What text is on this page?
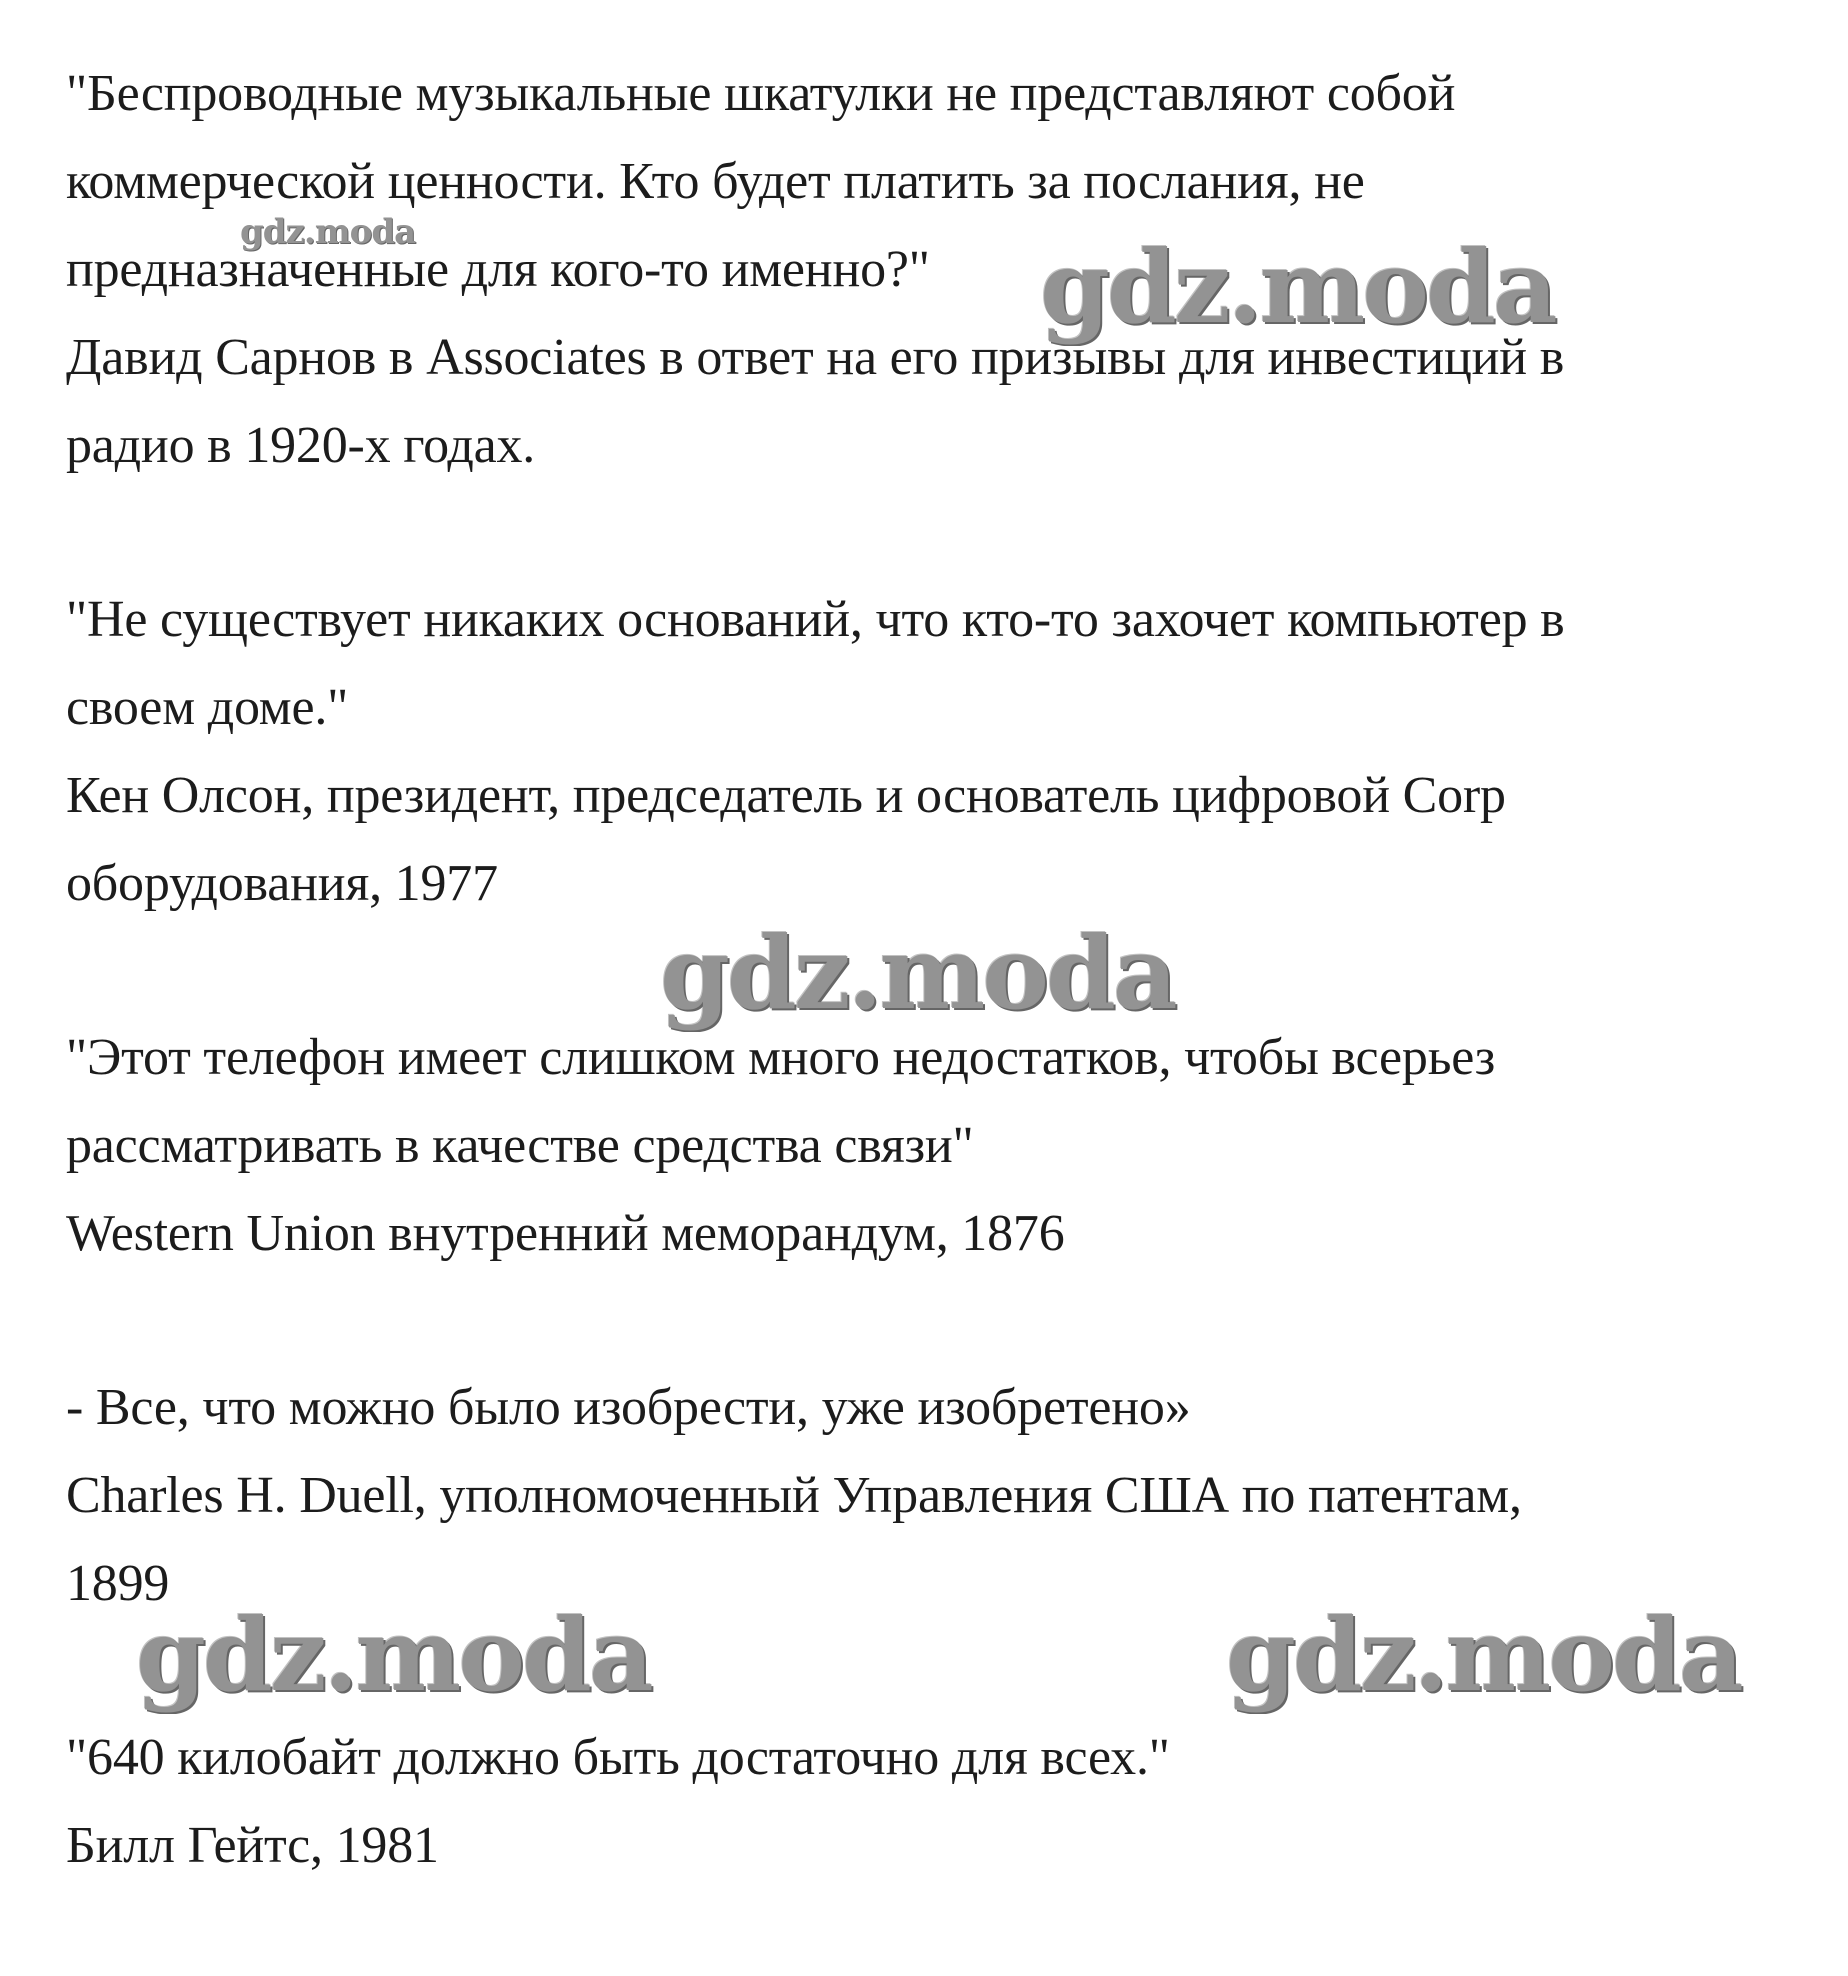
"Беспроводные музыкальные шкатулки не представляют собой
коммерческой ценности. Кто будет платить за послания, не
предназначенные для кого-то именно?"
Давид Сарнов в Associates в ответ на его призывы для инвестиций в
радио в 1920-х годах.
"Не существует никаких оснований, что кто-то захочет компьютер в
своем доме."
Кен Олсон, президент, председатель и основатель цифровой Corp
оборудования, 1977
"Этот телефон имеет слишком много недостатков, чтобы всерьез
рассматривать в качестве средства связи"
Western Union внутренний меморандум, 1876
- Все, что можно было изобрести, уже изобретено»
Charles H. Duell, уполномоченный Управления США по патентам,
1899
"640 килобайт должно быть достаточно для всех."
Билл Гейтс, 1981
gdz.moda	gdz.moda
gdz.moda
gdz.moda	gdz.moda
